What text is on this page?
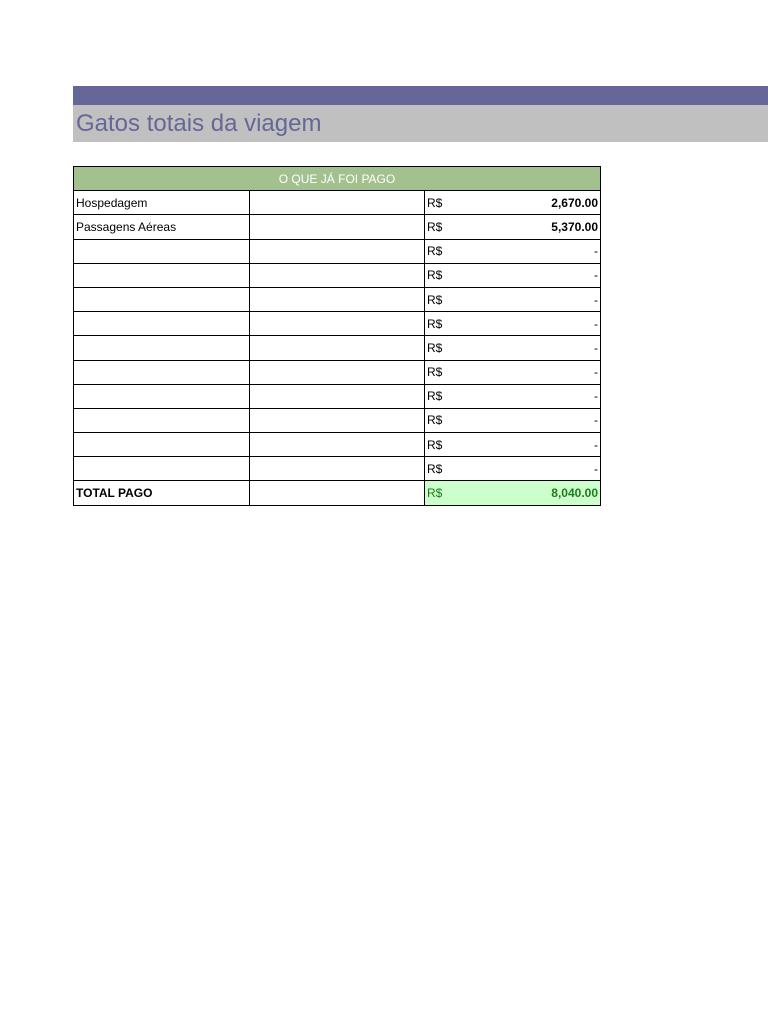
Gatos totais da viagem
O QUE JÁ FOI PAGO		
Hospedagem		R$ 2,670.00

Passagens Aéreas		R$ 5,370.00

		R$ -

		R$ -

		R$ -

		R$ -

		R$ -

		R$ -

		R$ -

		R$ -

		R$ -

		R$ -

TOTAL PAGO		R$ 8,040.00
